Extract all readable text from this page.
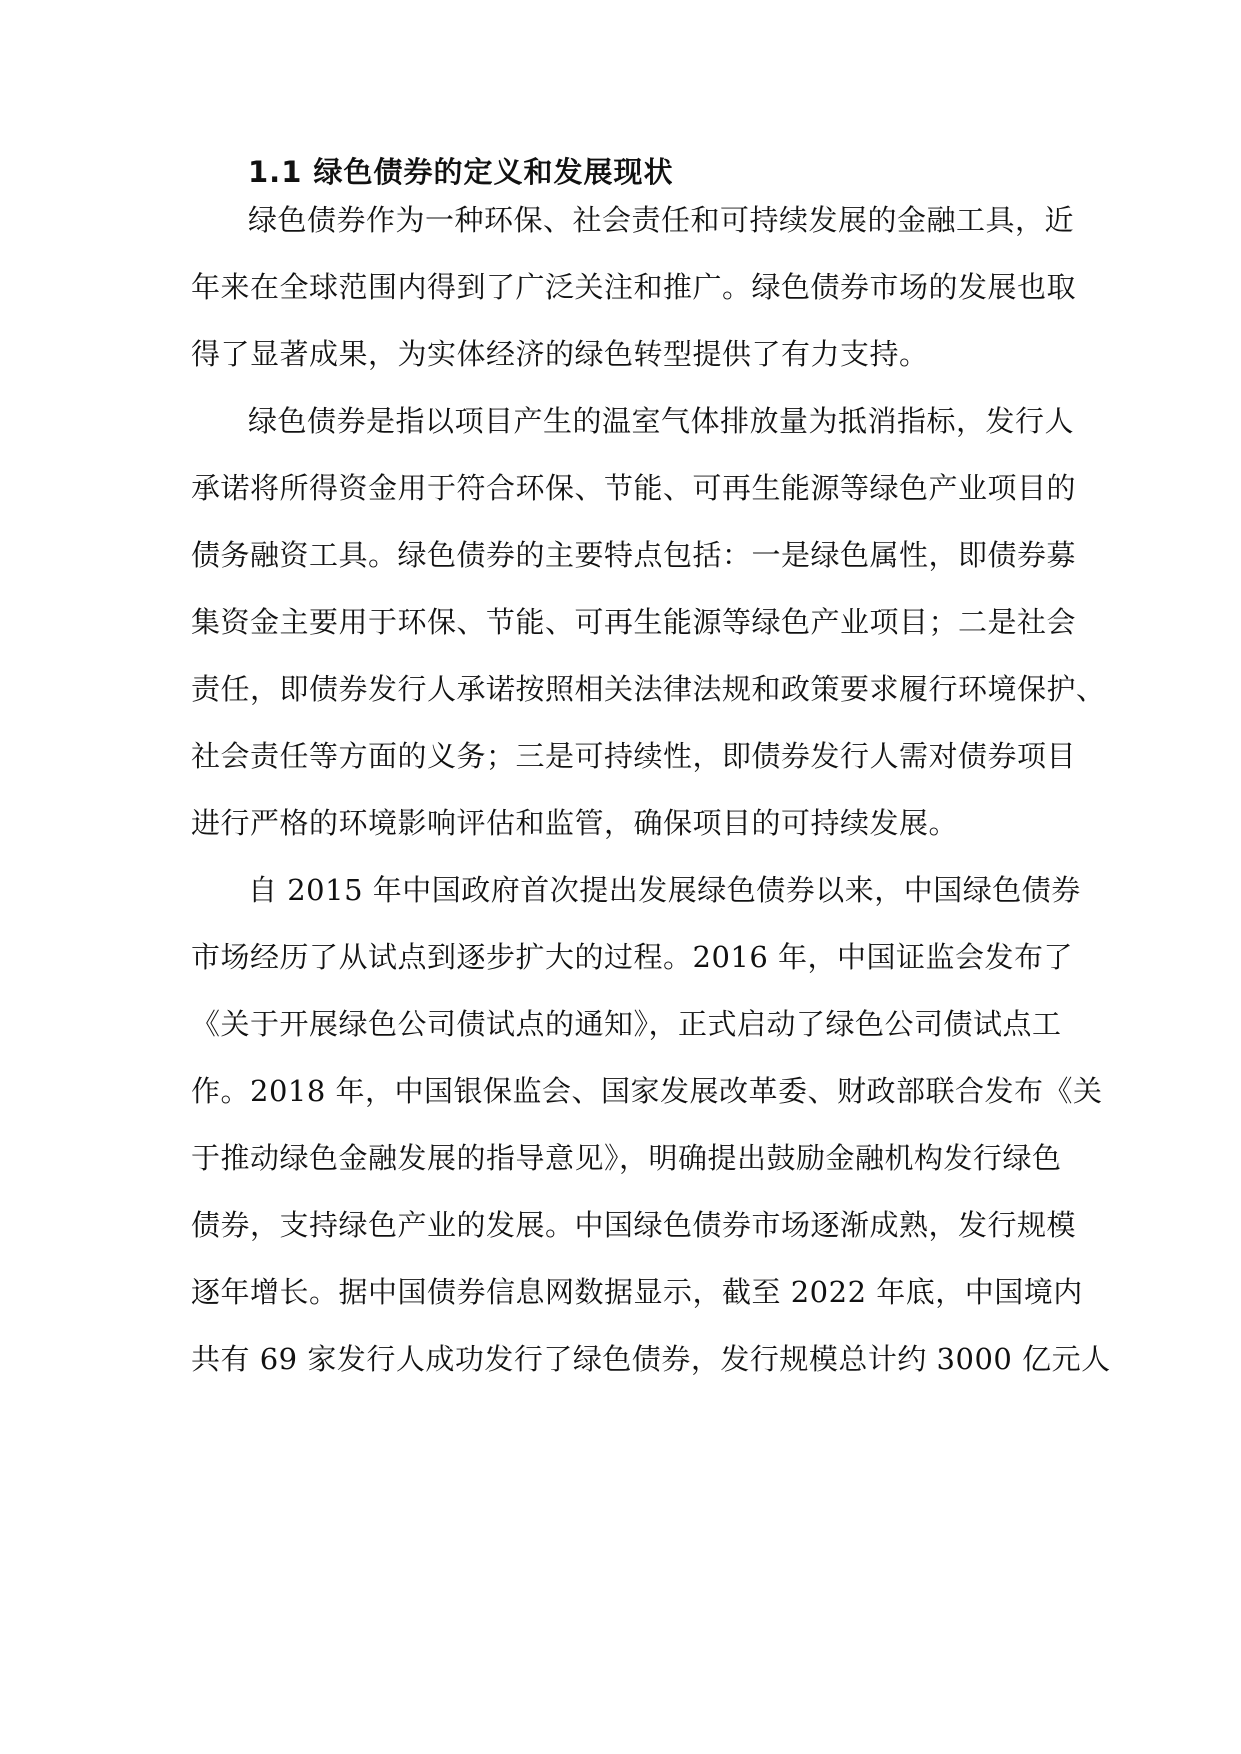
1.1 绿色债券的定义和发展现状
绿色债券作为一种环保、社会责任和可持续发展的金融工具，近
年来在全球范围内得到了广泛关注和推广。绿色债券市场的发展也取
得了显著成果，为实体经济的绿色转型提供了有力支持。
绿色债券是指以项目产生的温室气体排放量为抵消指标，发行人
承诺将所得资金用于符合环保、节能、可再生能源等绿色产业项目的
债务融资工具。绿色债券的主要特点包括：一是绿色属性，即债券募
集资金主要用于环保、节能、可再生能源等绿色产业项目；二是社会
责任，即债券发行人承诺按照相关法律法规和政策要求履行环境保护、
社会责任等方面的义务；三是可持续性，即债券发行人需对债券项目
进行严格的环境影响评估和监管，确保项目的可持续发展。
自 2015 年中国政府首次提出发展绿色债券以来，中国绿色债券
市场经历了从试点到逐步扩大的过程。2016 年，中国证监会发布了
《关于开展绿色公司债试点的通知》，正式启动了绿色公司债试点工
作。2018 年，中国银保监会、国家发展改革委、财政部联合发布《关
于推动绿色金融发展的指导意见》，明确提出鼓励金融机构发行绿色
债券，支持绿色产业的发展。中国绿色债券市场逐渐成熟，发行规模
逐年增长。据中国债券信息网数据显示，截至 2022 年底，中国境内
共有 69 家发行人成功发行了绿色债券，发行规模总计约 3000 亿元人
